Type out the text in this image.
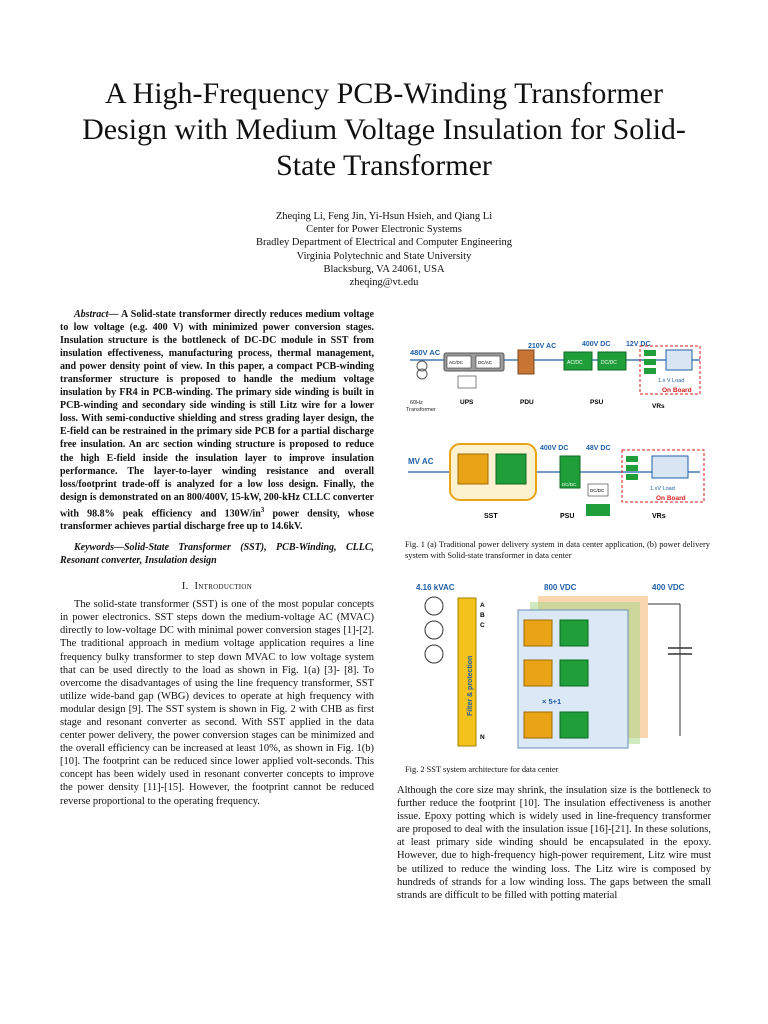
A High-Frequency PCB-Winding Transformer
Design with Medium Voltage Insulation for Solid-
State Transformer
Zheqing Li, Feng Jin, Yi-Hsun Hsieh, and Qiang Li
Center for Power Electronic Systems
Bradley Department of Electrical and Computer Engineering
Virginia Polytechnic and State University
Blacksburg, VA 24061, USA
zheqing@vt.edu
Abstract— A Solid-state transformer directly reduces medium voltage to low voltage (e.g. 400 V) with minimized power conversion stages. Insulation structure is the bottleneck of DC-DC module in SST from insulation effectiveness, manufacturing process, thermal management, and power density point of view. In this paper, a compact PCB-winding transformer structure is proposed to handle the medium voltage insulation by FR4 in PCB-winding. The primary side winding is built in PCB-winding and secondary side winding is still Litz wire for a lower loss. With semi-conductive shielding and stress grading layer design, the E-field can be restrained in the primary side PCB for a partial discharge free insulation. An arc section winding structure is proposed to reduce the high E-field inside the insulation layer to improve insulation performance. The layer-to-layer winding resistance and overall loss/footprint trade-off is analyzed for a low loss design. Finally, the design is demonstrated on an 800/400V, 15-kW, 200-kHz CLLC converter with 98.8% peak efficiency and $130W/in^3$ power density, whose transformer achieves partial discharge free up to 14.6kV.
Keywords—Solid-State Transformer (SST), PCB-Winding, CLLC, Resonant converter, Insulation design
I. Introduction
The solid-state transformer (SST) is one of the most popular concepts in power electronics. SST steps down the medium-voltage AC (MVAC) directly to low-voltage DC with minimal power conversion stages [1]-[2]. The traditional approach in medium voltage application requires a line frequency bulky transformer to step down MVAC to low voltage system that can be used directly to the load as shown in Fig. 1(a) [3]- [8]. To overcome the disadvantages of using the line frequency transformer, SST utilize wide-band gap (WBG) devices to operate at high frequency with modular design [9]. The SST system is shown in Fig. 2 with CHB as first stage and resonant converter as second. With SST applied in the data center power delivery, the power conversion stages can be minimized and the overall efficiency can be increased at least 10%, as shown in Fig. 1(b) [10]. The footprint can be reduced since lower applied volt-seconds. This concept has been widely used in resonant converter concepts to improve the power density [11]-[15]. However, the footprint cannot be reduced reverse proportional to the operating frequency.
480V AC
60Hz Transformer
AC/DC	DC/AC
UPS
210V AC
PDU
AC/DC	DC/DC
400V DC 12V DC
PSU
1.x V Load
On Board
VRs
MV AC
SST
400V DC
DC/DC
48V DC
PSU
DC/DC	1.xV Load
On Board
VRs
Fig. 1 (a) Traditional power delivery system in data center application, (b) power delivery system with Solid-state transformer in data center
4.16 kVAC	800 VDC	400 VDC
Filter & protection
A
B
C
N
× 5+1
Fig. 2 SST system architecture for data center
Although the core size may shrink, the insulation size is the bottleneck to further reduce the footprint [10]. The insulation effectiveness is another issue. Epoxy potting which is widely used in line-frequency transformer are proposed to deal with the insulation issue [16]-[21]. In these solutions, at least primary side winding should be encapsulated in the epoxy. However, due to high-frequency high-power requirement, Litz wire must be utilized to reduce the winding loss. The Litz wire is composed by hundreds of strands for a low winding loss. The gaps between the small strands are difficult to be filled with potting material
